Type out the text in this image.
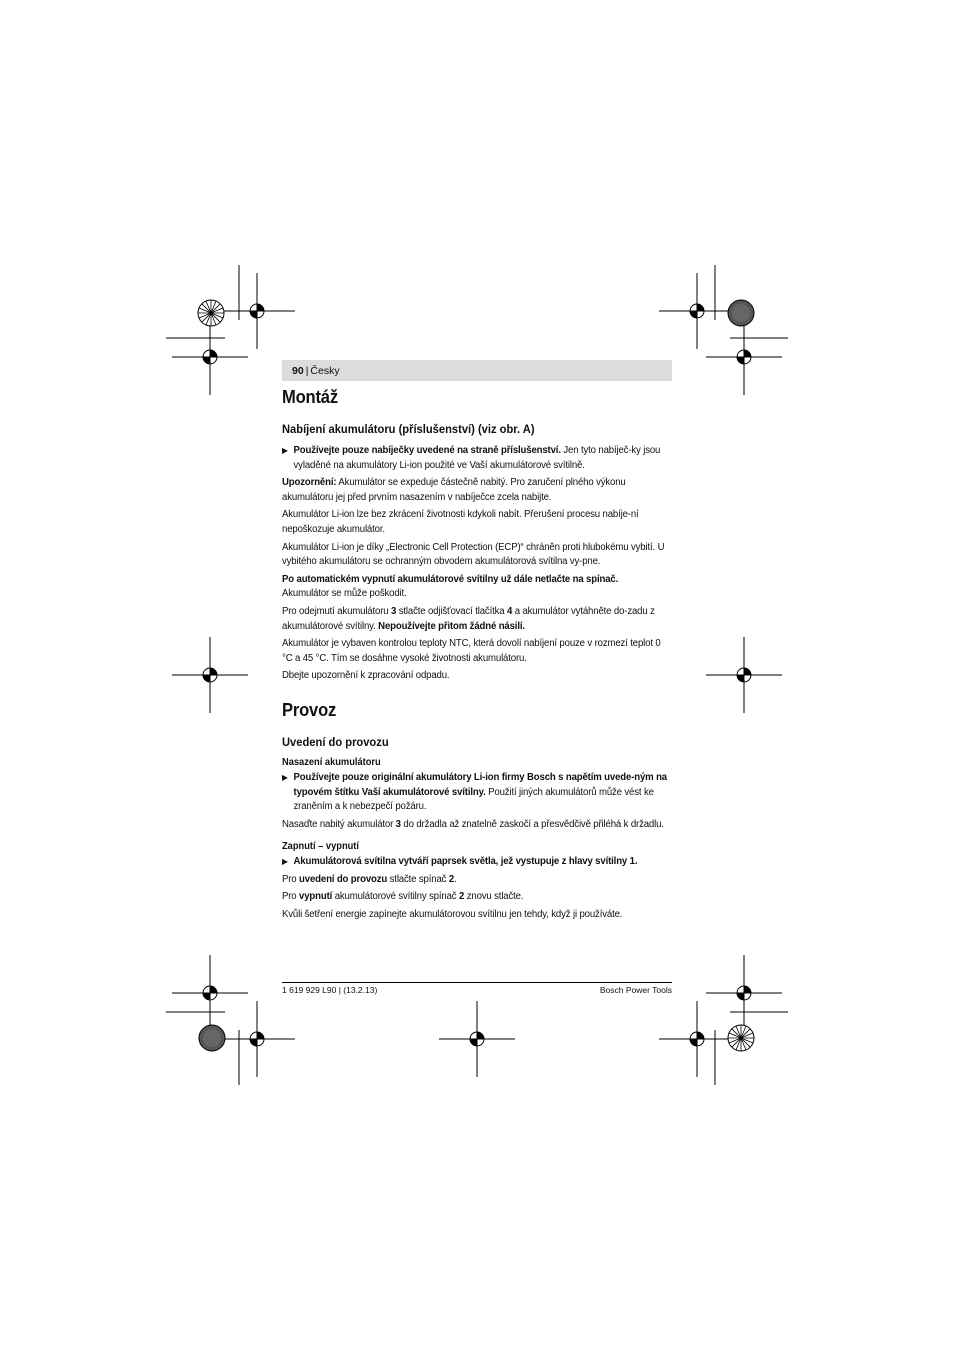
90 | Česky
Montáž
Nabíjení akumulátoru (příslušenství) (viz obr. A)
▶ Používejte pouze nabíječky uvedené na straně příslušenství. Jen tyto nabíječ-ky jsou vyladěné na akumulátory Li-ion použité ve Vaší akumulátorové svítilně.
Upozornění: Akumulátor se expeduje částečně nabitý. Pro zaručení plného výkonu akumulátoru jej před prvním nasazením v nabíječce zcela nabijte.
Akumulátor Li-ion lze bez zkrácení životnosti kdykoli nabít. Přerušení procesu nabíje-ní nepoškozuje akumulátor.
Akumulátor Li-ion je díky „Electronic Cell Protection (ECP)“ chráněn proti hlubokému vybití. U vybitého akumulátoru se ochranným obvodem akumulátorová svítilna vy-pne.
Po automatickém vypnutí akumulátorové svítilny už dále netlačte na spínač.
Akumulátor se může poškodit.
Pro odejmutí akumulátoru 3 stlačte odjišťovací tlačítka 4 a akumulátor vytáhněte do-zadu z akumulátorové svítilny. Nepoužívejte přitom žádné násilí.
Akumulátor je vybaven kontrolou teploty NTC, která dovolí nabíjení pouze v rozmezí teplot 0 °C a 45 °C. Tím se dosáhne vysoké životnosti akumulátoru.
Dbejte upozornění k zpracování odpadu.
Provoz
Uvedení do provozu
Nasazení akumulátoru
▶ Používejte pouze originální akumulátory Li-ion firmy Bosch s napětím uvede-ným na typovém štítku Vaší akumulátorové svítilny. Použití jiných akumulátorů může vést ke zraněním a k nebezpečí požáru.
Nasaďte nabitý akumulátor 3 do držadla až znatelně zaskočí a přesvědčivě přiléhá k držadlu.
Zapnutí – vypnutí
▶ Akumulátorová svítilna vytváří paprsek světla, jež vystupuje z hlavy svítilny 1.
Pro uvedení do provozu stlačte spínač 2.
Pro vypnutí akumulátorové svítilny spínač 2 znovu stlačte.
Kvůli šetření energie zapínejte akumulátorovou svítilnu jen tehdy, když ji používáte.
1 619 929 L90 | (13.2.13)	Bosch Power Tools
